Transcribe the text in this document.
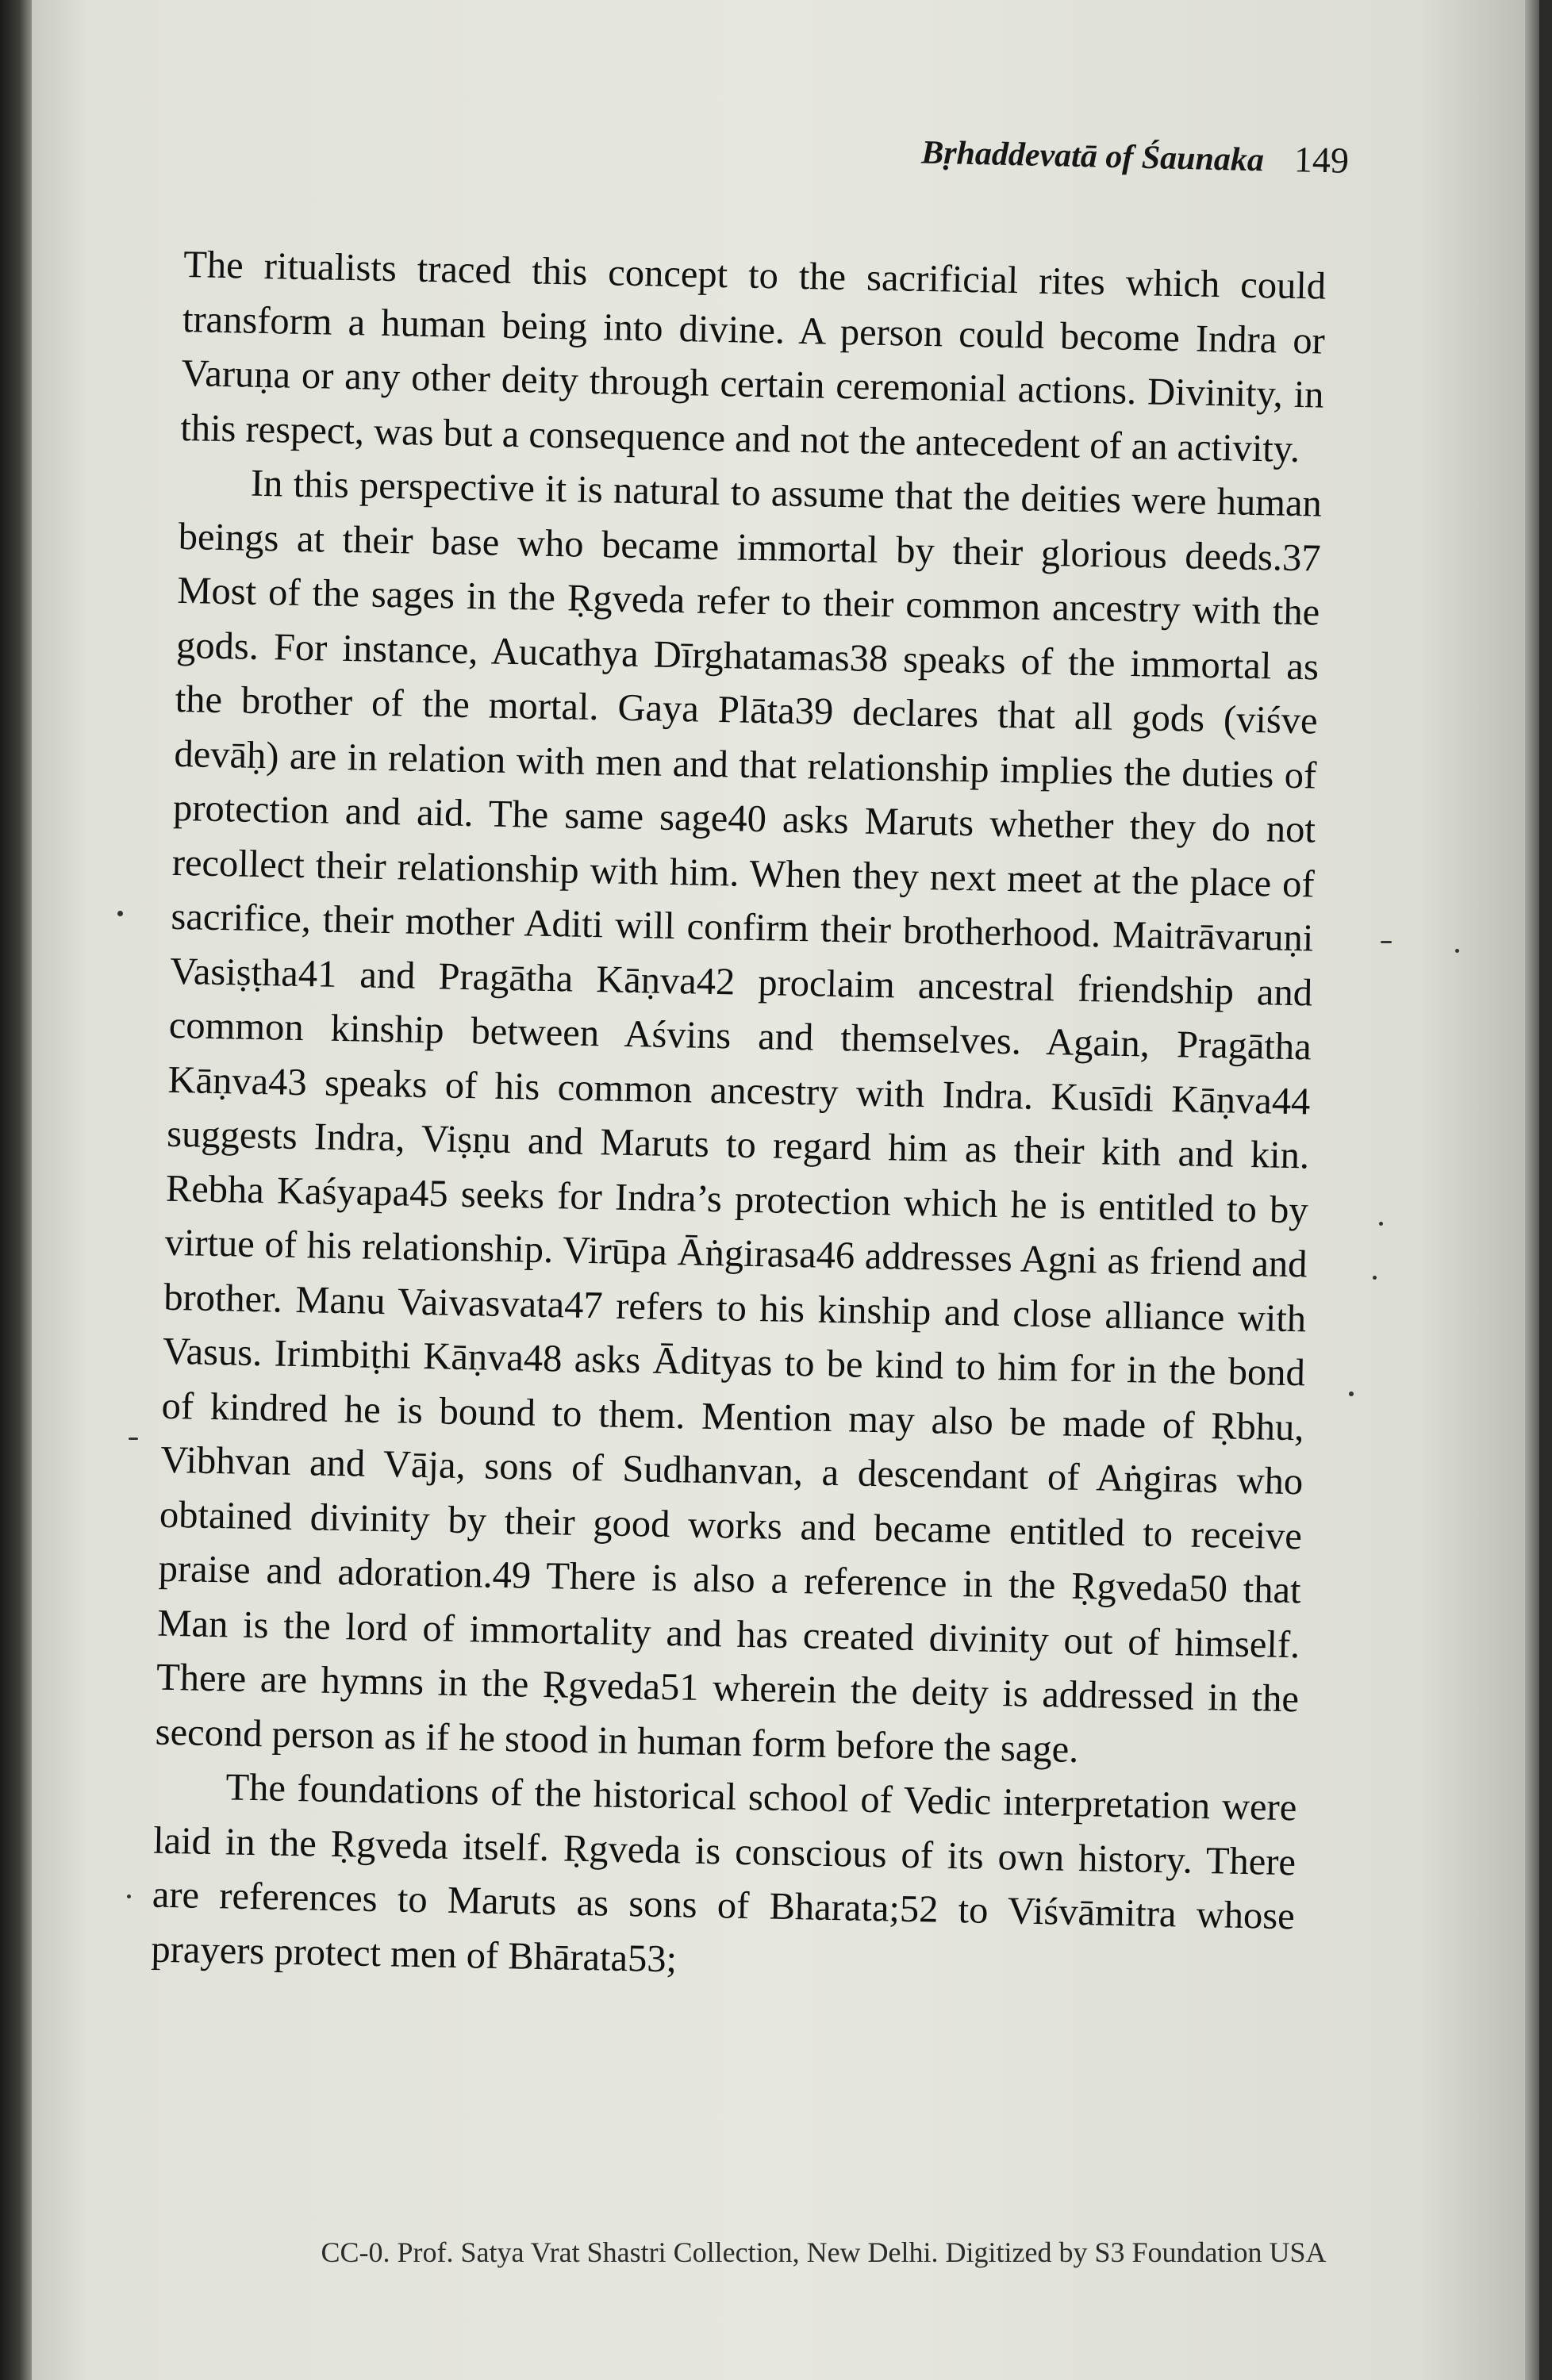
Bṛhaddevatā of Śaunaka 149

The ritualists traced this concept to the sacrificial rites which could transform a human being into divine. A person could become Indra or Varuṇa or any other deity through certain ceremonial actions. Divinity, in this respect, was but a consequence and not the antecedent of an activity.

In this perspective it is natural to assume that the deities were human beings at their base who became immortal by their glorious deeds.37 Most of the sages in the Ṛgveda refer to their common ancestry with the gods. For instance, Aucathya Dīrghatamas38 speaks of the immortal as the brother of the mortal. Gaya Plāta39 declares that all gods (viśve devāḥ) are in relation with men and that relationship implies the duties of protection and aid. The same sage40 asks Maruts whether they do not recollect their relationship with him. When they next meet at the place of sacrifice, their mother Aditi will confirm their brotherhood. Maitrāvaruṇi Vasiṣṭha41 and Pragātha Kāṇva42 proclaim ancestral friendship and common kinship between Aśvins and themselves. Again, Pragātha Kāṇva43 speaks of his common ancestry with Indra. Kusīdi Kāṇva44 suggests Indra, Viṣṇu and Maruts to regard him as their kith and kin. Rebha Kaśyapa45 seeks for Indra’s protection which he is entitled to by virtue of his relationship. Virūpa Āṅgirasa46 addresses Agni as friend and brother. Manu Vaivasvata47 refers to his kinship and close alliance with Vasus. Irimbiṭhi Kāṇva48 asks Ādityas to be kind to him for in the bond of kindred he is bound to them. Mention may also be made of Ṛbhu, Vibhvan and Vāja, sons of Sudhanvan, a descendant of Aṅgiras who obtained divinity by their good works and became entitled to receive praise and adoration.49 There is also a reference in the Ṛgveda50 that Man is the lord of immortality and has created divinity out of himself. There are hymns in the Ṛgveda51 wherein the deity is addressed in the second person as if he stood in human form before the sage.

The foundations of the historical school of Vedic interpretation were laid in the Ṛgveda itself. Ṛgveda is conscious of its own history. There are references to Maruts as sons of Bharata;52 to Viśvāmitra whose prayers protect men of Bhārata53;

CC-0. Prof. Satya Vrat Shastri Collection, New Delhi. Digitized by S3 Foundation USA
